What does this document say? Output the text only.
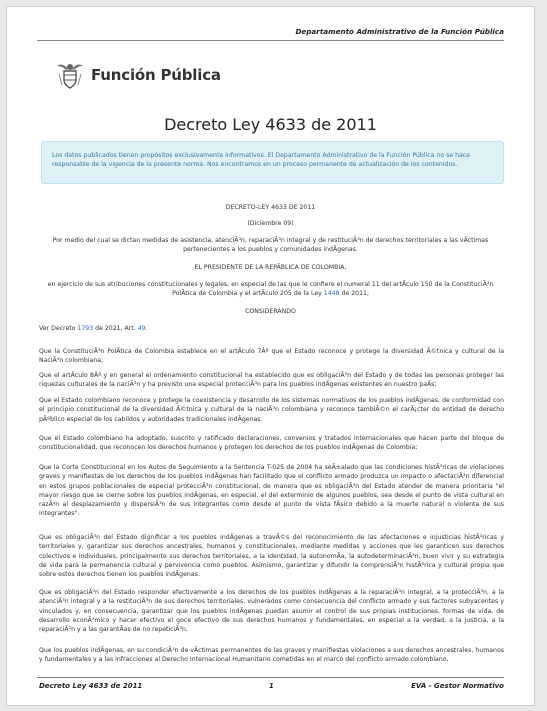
Departamento Administrativo de la Función Pública
Función Pública
Decreto Ley 4633 de 2011
Los datos publicados tienen propósitos exclusivamente informativos. El Departamento Administrativo de la Función Pública no se hace responsable de la vigencia de la presente norma. Nos encontramos en un proceso permanente de actualización de los contenidos.
DECRETO-LEY 4633 DE 2011
(Diciembre 09)
Por medio del cual se dictan medidas de asistencia, atenciÃ³n, reparaciÃ³n integral y de restituciÃ³n de derechos territoriales a las vÃctimas pertenecientes a los pueblos y comunidades indÃgenas.
EL PRESIDENTE DE LA REPÃBLICA DE COLOMBIA,
en ejercicio de sus atribuciones constitucionales y legales, en especial de las que le confiere el numeral 11 del artÃculo 150 de la ConstituciÃ³n PolÃtica de Colombia y el artÃculo 205 de la Ley 1448 de 2011,
CONSIDERANDO
Ver Decreto 1793 de 2021, Art. 49.
Que la ConstituciÃ³n PolÃtica de Colombia establece en el artÃculo 7Âº que el Estado reconoce y protege la diversidad Ã©tnica y cultural de la NaciÃ³n colombiana;
Que el artÃculo 8Âº y en general el ordenamiento constitucional ha establecido que es obligaciÃ³n del Estado y de todas las personas proteger las riquezas culturales de la naciÃ³n y ha previsto una especial protecciÃ³n para los pueblos indÃgenas existentes en nuestro paÃs;
Que el Estado colombiano reconoce y protege la coexistencia y desarrollo de los sistemas normativos de los pueblos indÃgenas, de conformidad con el principio constitucional de la diversidad Ã©tnica y cultural de la naciÃ³n colombiana y reconoce tambiÃ©n el carÃ¡cter de entidad de derecho pÃºblico especial de los cabildos y autoridades tradicionales indÃgenas.
Que el Estado colombiano ha adoptado, suscrito y ratificado declaraciones, convenios y tratados internacionales que hacen parte del bloque de constitucionalidad, que reconocen los derechos humanos y protegen los derechos de los pueblos indÃgenas de Colombia;
Que la Corte Constitucional en los Autos de Seguimiento a la Sentencia T-025 de 2004 ha seÃ±alado que las condiciones histÃ³ricas de violaciones graves y manifiestas de los derechos de los pueblos indÃgenas han facilitado que el conflicto armado produzca un impacto o afectaciÃ³n diferencial en estos grupos poblacionales de especial protecciÃ³n constitucional, de manera que es obligaciÃ³n del Estado atender de manera prioritaria "el mayor riesgo que se cierne sobre los pueblos indÃgenas, en especial, el del exterminio de algunos pueblos, sea desde el punto de vista cultural en razÃ³n al desplazamiento y dispersiÃ³n de sus integrantes como desde el punto de vista fÃsico debido a la muerte natural o violenta de sus integrantes".
Que es obligaciÃ³n del Estado dignificar a los pueblos indÃgenas a travÃ©s del reconocimiento de las afectaciones e injusticias histÃ³ricas y territoriales y, garantizar sus derechos ancestrales, humanos y constitucionales, mediante medidas y acciones que les garanticen sus derechos colectivos e individuales, principalmente sus derechos territoriales, a la identidad, la autonomÃa, la autodeterminaciÃ³n, buen vivir y su estrategia de vida para la permanencia cultural y pervivencia como pueblos. Asimismo, garantizar y difundir la comprensiÃ³n histÃ³rica y cultural propia que sobre estos derechos tienen los pueblos indÃgenas.
Que es obligaciÃ³n del Estado responder efectivamente a los derechos de los pueblos indÃgenas a la reparaciÃ³n integral, a la protecciÃ³n, a la atenciÃ³n integral y a la restituciÃ³n de sus derechos territoriales, vulnerados como consecuencia del conflicto armado y sus factores subyacentes y vinculados y, en consecuencia, garantizar que los pueblos indÃgenas puedan asumir el control de sus propias instituciones, formas de vida, de desarrollo econÃ³mico y hacer efectivo el goce efectivo de sus derechos humanos y fundamentales, en especial a la verdad, a la justicia, a la reparaciÃ³n y a las garantÃas de no repeticiÃ³n.
Que los pueblos indÃgenas, en su condiciÃ³n de vÃctimas permanentes de las graves y manifiestas violaciones a sus derechos ancestrales, humanos y fundamentales y a las infracciones al Derecho Internacional Humanitario cometidas en el marco del conflicto armado colombiano,
Decreto Ley 4633 de 2011	1	EVA - Gestor Normativo
